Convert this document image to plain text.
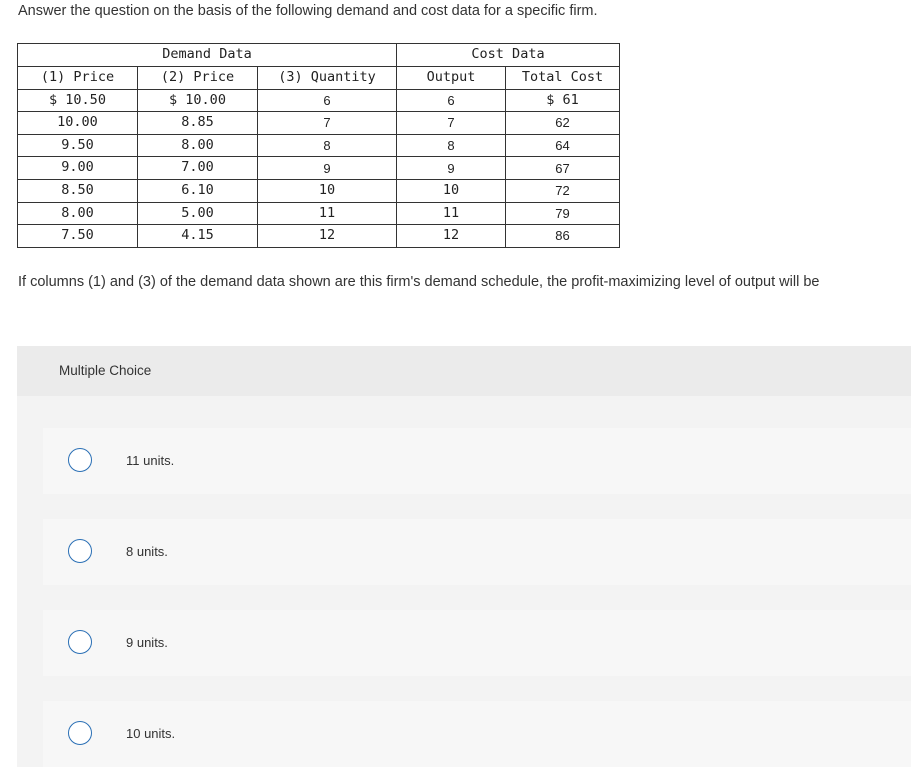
Answer the question on the basis of the following demand and cost data for a specific firm.
Demand Data			Cost Data	
(1) Price	(2) Price	(3) Quantity	Output	Total Cost
$ 10.50	$ 10.00	6	6	$ 61
10.00	8.85	7	7	62
9.50	8.00	8	8	64
9.00	7.00	9	9	67
8.50	6.10	10	10	72
8.00	5.00	11	11	79
7.50	4.15	12	12	86
If columns (1) and (3) of the demand data shown are this firm's demand schedule, the profit-maximizing level of output will be
Multiple Choice
11 units.
8 units.
9 units.
10 units.
